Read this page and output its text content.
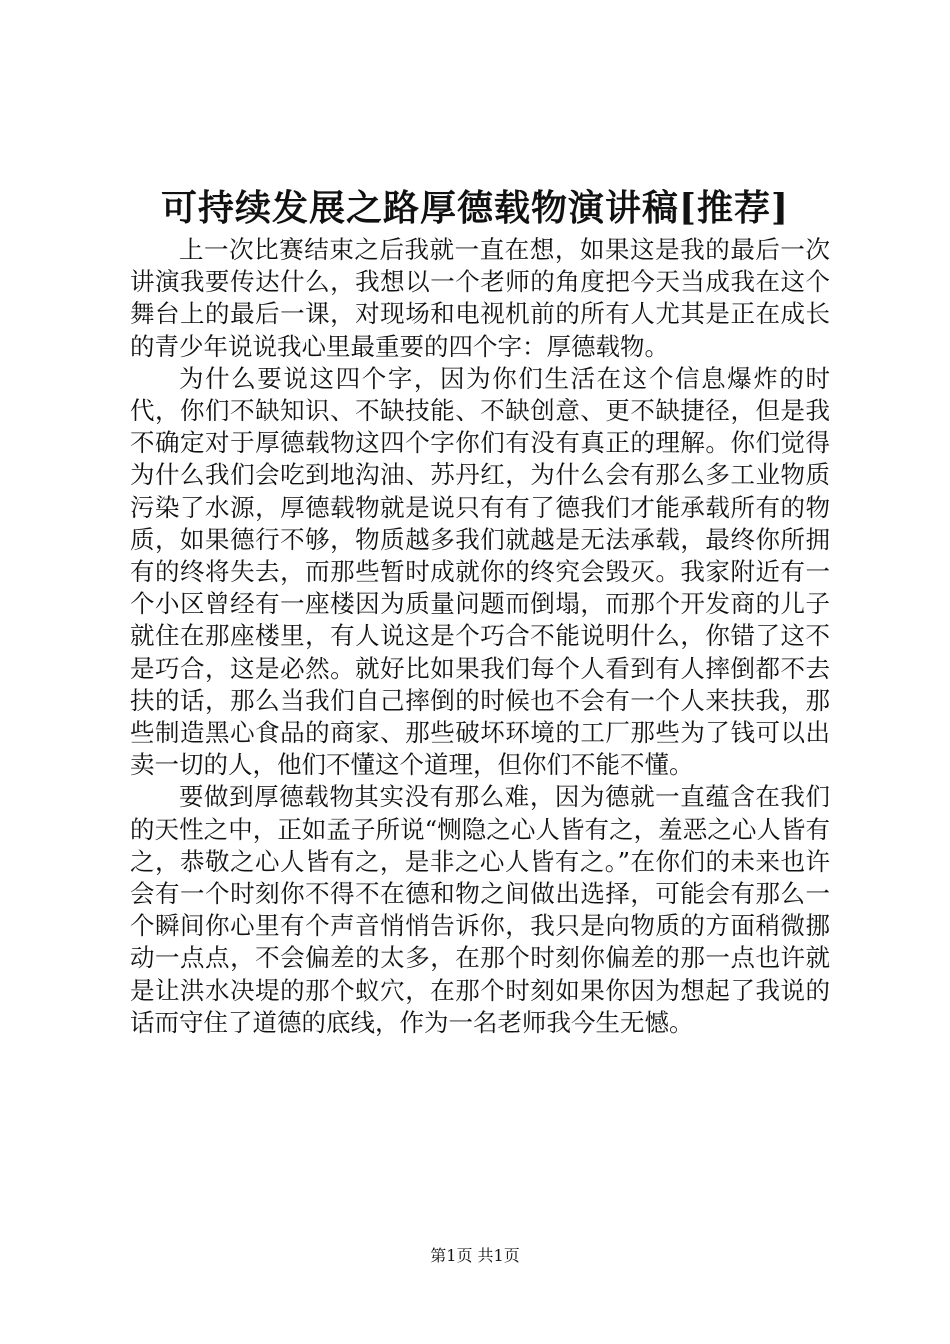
可持续发展之路厚德载物演讲稿[推荐]

上一次比赛结束之后我就一直在想，如果这是我的最后一次讲演我要传达什么，我想以一个老师的角度把今天当成我在这个舞台上的最后一课，对现场和电视机前的所有人尤其是正在成长的青少年说说我心里最重要的四个字：厚德载物。

为什么要说这四个字，因为你们生活在这个信息爆炸的时代，你们不缺知识、不缺技能、不缺创意、更不缺捷径，但是我不确定对于厚德载物这四个字你们有没有真正的理解。你们觉得为什么我们会吃到地沟油、苏丹红，为什么会有那么多工业物质污染了水源，厚德载物就是说只有有了德我们才能承载所有的物质，如果德行不够，物质越多我们就越是无法承载，最终你所拥有的终将失去，而那些暂时成就你的终究会毁灭。我家附近有一个小区曾经有一座楼因为质量问题而倒塌，而那个开发商的儿子就住在那座楼里，有人说这是个巧合不能说明什么，你错了这不是巧合，这是必然。就好比如果我们每个人看到有人摔倒都不去扶的话，那么当我们自己摔倒的时候也不会有一个人来扶我，那些制造黑心食品的商家、那些破坏环境的工厂那些为了钱可以出卖一切的人，他们不懂这个道理，但你们不能不懂。

要做到厚德载物其实没有那么难，因为德就一直蕴含在我们的天性之中，正如孟子所说“恻隐之心人皆有之，羞恶之心人皆有之，恭敬之心人皆有之，是非之心人皆有之。”在你们的未来也许会有一个时刻你不得不在德和物之间做出选择，可能会有那么一个瞬间你心里有个声音悄悄告诉你，我只是向物质的方面稍微挪动一点点，不会偏差的太多，在那个时刻你偏差的那一点也许就是让洪水决堤的那个蚁穴，在那个时刻如果你因为想起了我说的话而守住了道德的底线，作为一名老师我今生无憾。

第1页 共1页
